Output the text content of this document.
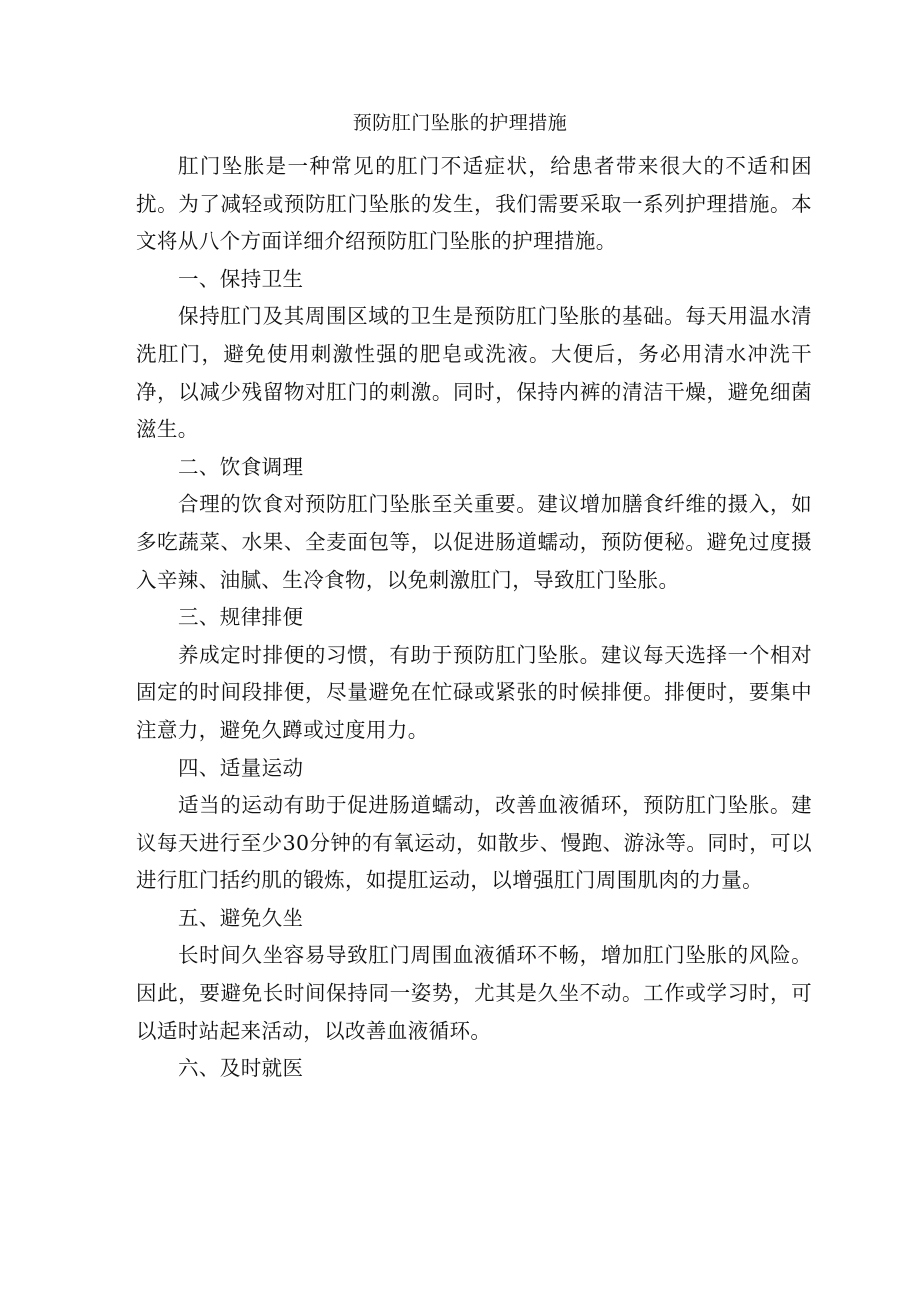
预防肛门坠胀的护理措施

肛门坠胀是一种常见的肛门不适症状，给患者带来很大的不适和困扰。为了减轻或预防肛门坠胀的发生，我们需要采取一系列护理措施。本文将从八个方面详细介绍预防肛门坠胀的护理措施。

一、保持卫生

保持肛门及其周围区域的卫生是预防肛门坠胀的基础。每天用温水清洗肛门，避免使用刺激性强的肥皂或洗液。大便后，务必用清水冲洗干净，以减少残留物对肛门的刺激。同时，保持内裤的清洁干燥，避免细菌滋生。

二、饮食调理

合理的饮食对预防肛门坠胀至关重要。建议增加膳食纤维的摄入，如多吃蔬菜、水果、全麦面包等，以促进肠道蠕动，预防便秘。避免过度摄入辛辣、油腻、生冷食物，以免刺激肛门，导致肛门坠胀。

三、规律排便

养成定时排便的习惯，有助于预防肛门坠胀。建议每天选择一个相对固定的时间段排便，尽量避免在忙碌或紧张的时候排便。排便时，要集中注意力，避免久蹲或过度用力。

四、适量运动

适当的运动有助于促进肠道蠕动，改善血液循环，预防肛门坠胀。建议每天进行至少30分钟的有氧运动，如散步、慢跑、游泳等。同时，可以进行肛门括约肌的锻炼，如提肛运动，以增强肛门周围肌肉的力量。

五、避免久坐

长时间久坐容易导致肛门周围血液循环不畅，增加肛门坠胀的风险。因此，要避免长时间保持同一姿势，尤其是久坐不动。工作或学习时，可以适时站起来活动，以改善血液循环。

六、及时就医
